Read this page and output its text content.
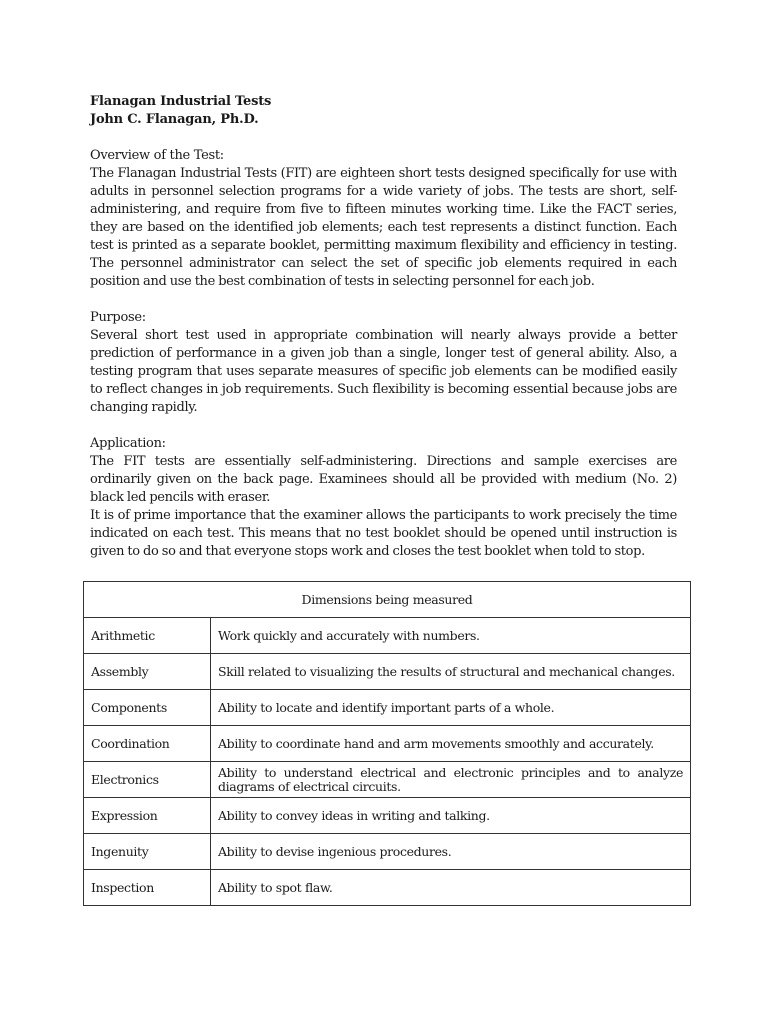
Flanagan Industrial Tests
John C. Flanagan, Ph.D.
Overview of the Test:
The Flanagan Industrial Tests (FIT) are eighteen short tests designed specifically for use with adults in personnel selection programs for a wide variety of jobs. The tests are short, self-administering, and require from five to fifteen minutes working time. Like the FACT series, they are based on the identified job elements; each test represents a distinct function. Each test is printed as a separate booklet, permitting maximum flexibility and efficiency in testing. The personnel administrator can select the set of specific job elements required in each position and use the best combination of tests in selecting personnel for each job.
Purpose:
Several short test used in appropriate combination will nearly always provide a better prediction of performance in a given job than a single, longer test of general ability. Also, a testing program that uses separate measures of specific job elements can be modified easily to reflect changes in job requirements. Such flexibility is becoming essential because jobs are changing rapidly.
Application:
The FIT tests are essentially self-administering. Directions and sample exercises are ordinarily given on the back page. Examinees should all be provided with medium (No. 2) black led pencils with eraser.
It is of prime importance that the examiner allows the participants to work precisely the time indicated on each test. This means that no test booklet should be opened until instruction is given to do so and that everyone stops work and closes the test booklet when told to stop.
Dimensions being measured	
Arithmetic	Work quickly and accurately with numbers.
Assembly	Skill related to visualizing the results of structural and mechanical changes.
Components	Ability to locate and identify important parts of a whole.
Coordination	Ability to coordinate hand and arm movements smoothly and accurately.
Electronics	Ability to understand electrical and electronic principles and to analyze diagrams of electrical circuits.
Expression	Ability to convey ideas in writing and talking.
Ingenuity	Ability to devise ingenious procedures.
Inspection	Ability to spot flaw.
